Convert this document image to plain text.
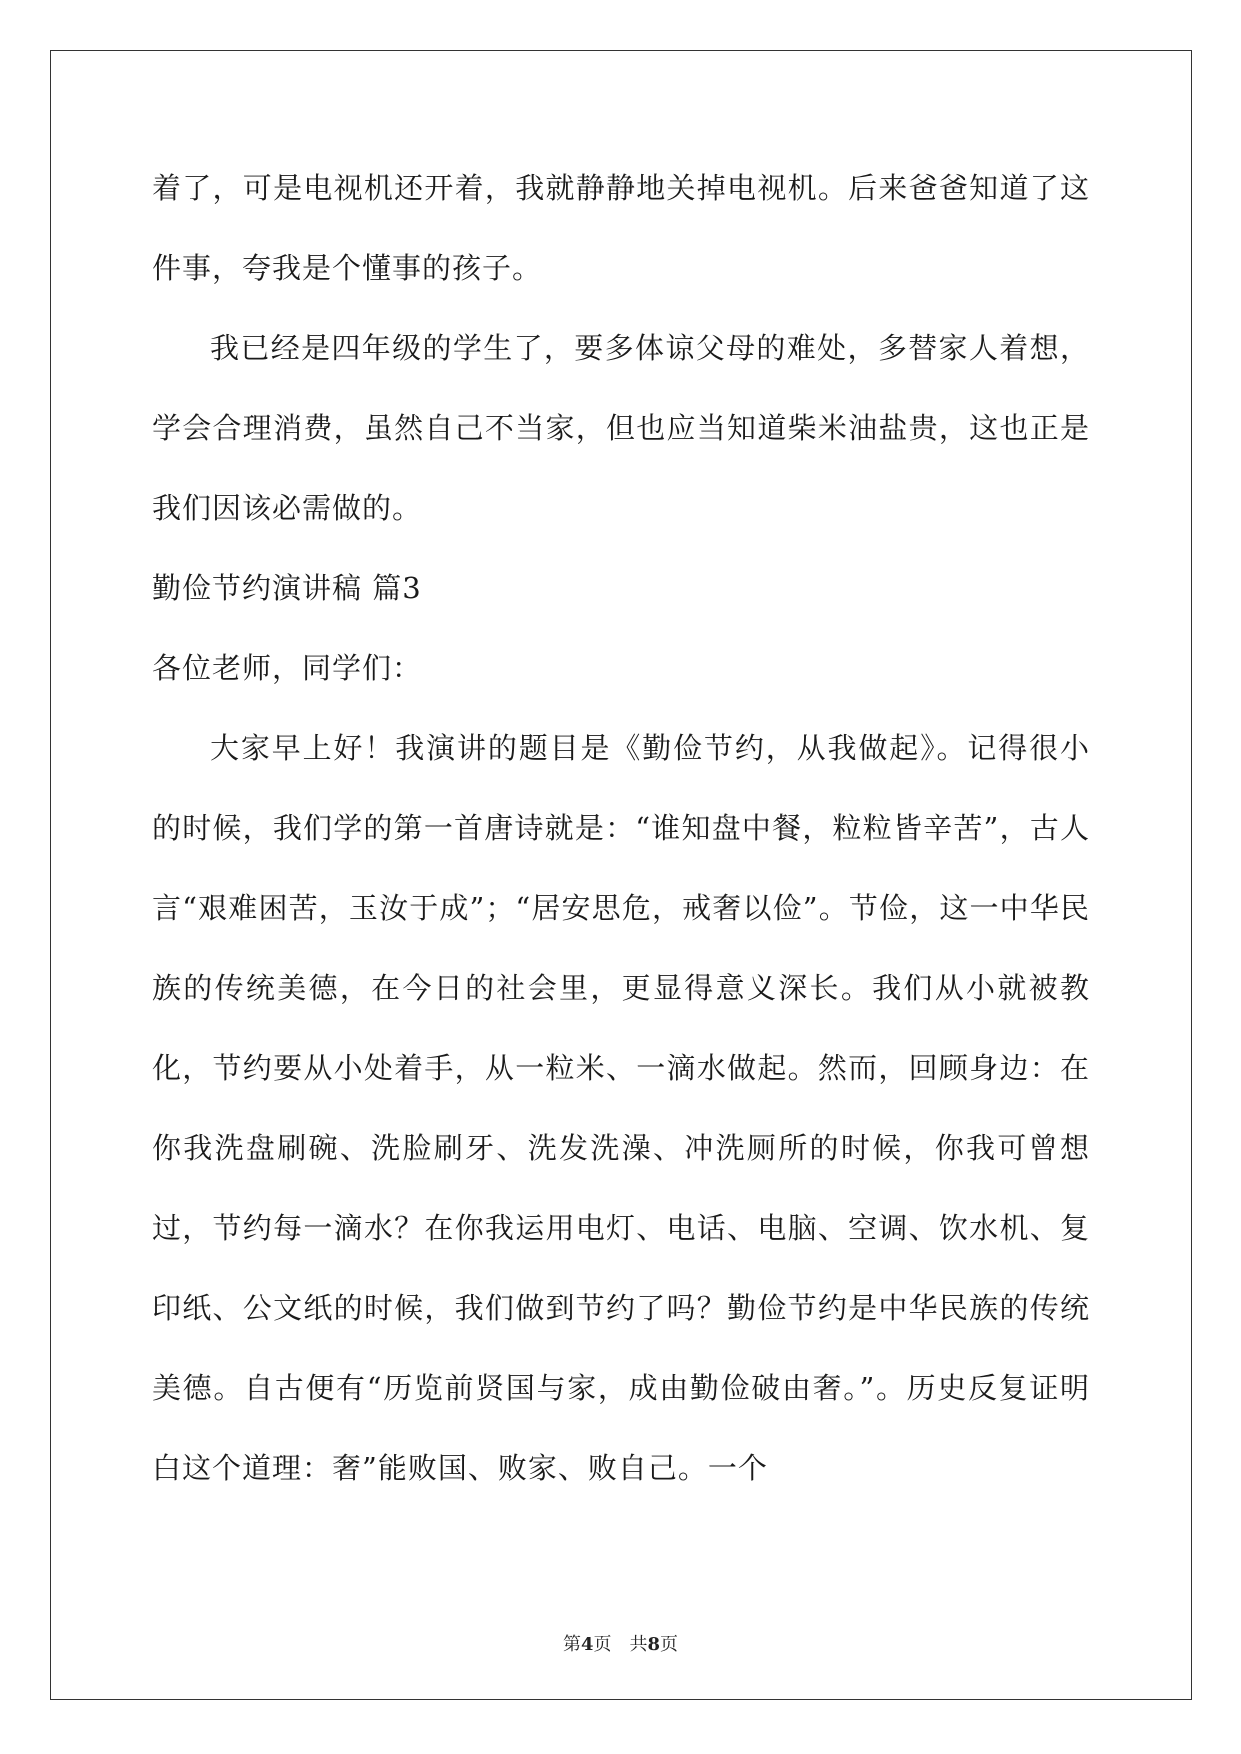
着了，可是电视机还开着，我就静静地关掉电视机。后来爸爸知道了这件事，夸我是个懂事的孩子。

我已经是四年级的学生了，要多体谅父母的难处，多替家人着想，学会合理消费，虽然自己不当家，但也应当知道柴米油盐贵，这也正是我们因该必需做的。

勤俭节约演讲稿 篇3

各位老师，同学们：

大家早上好！我演讲的题目是《勤俭节约，从我做起》。记得很小的时候，我们学的第一首唐诗就是：“谁知盘中餐，粒粒皆辛苦”，古人言“艰难困苦，玉汝于成”；“居安思危，戒奢以俭”。节俭，这一中华民族的传统美德，在今日的社会里，更显得意义深长。我们从小就被教化，节约要从小处着手，从一粒米、一滴水做起。然而，回顾身边：在你我洗盘刷碗、洗脸刷牙、洗发洗澡、冲洗厕所的时候，你我可曾想过，节约每一滴水？在你我运用电灯、电话、电脑、空调、饮水机、复印纸、公文纸的时候，我们做到节约了吗？勤俭节约是中华民族的传统美德。自古便有“历览前贤国与家，成由勤俭破由奢。”。历史反复证明白这个道理：奢”能败国、败家、败自己。一个

第4页 共8页
